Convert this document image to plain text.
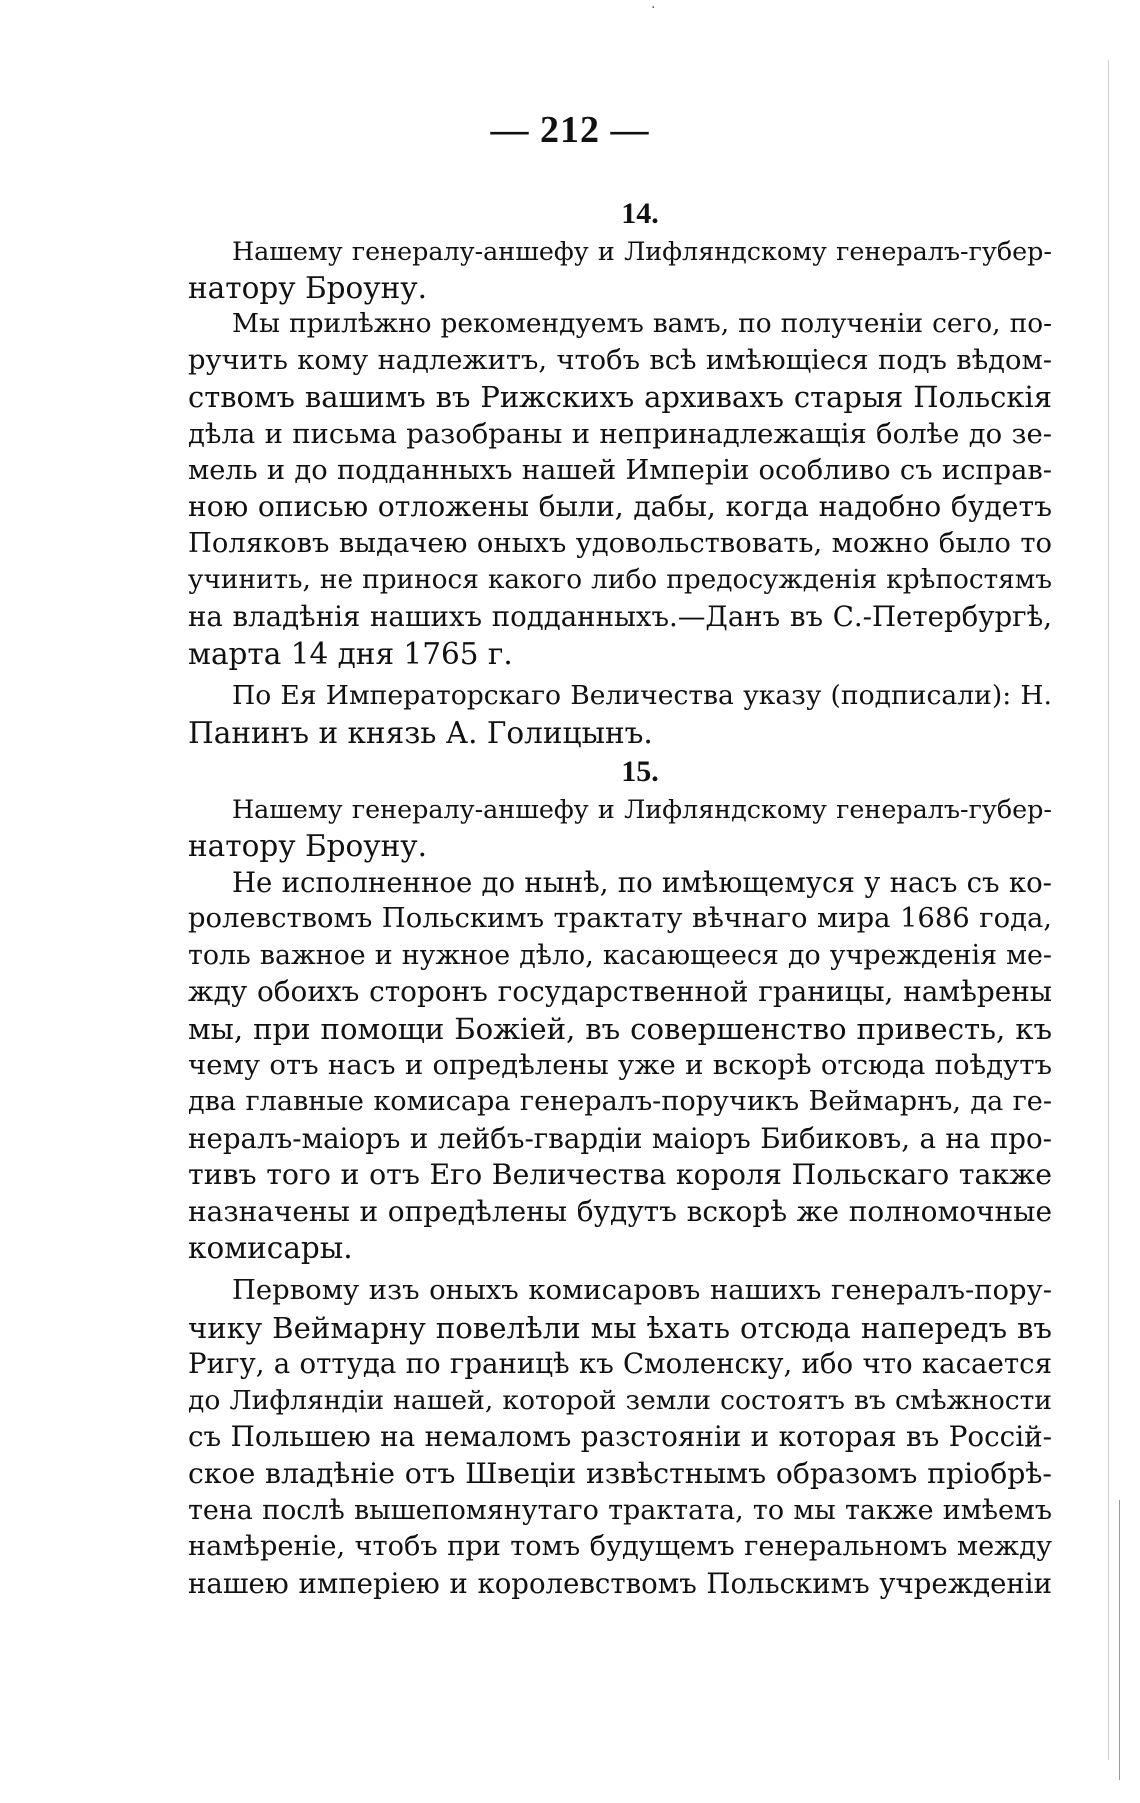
·
— 212 —
14.
Нашему генералу-аншефу и Лифляндскому генералъ-губер-
натору Броуну.
Мы прилѣжно рекомендуемъ вамъ, по полученіи сего, по-
ручить кому надлежитъ, чтобъ всѣ имѣющіеся подъ вѣдом-
ствомъ вашимъ въ Рижскихъ архивахъ старыя Польскія
дѣла и письма разобраны и непринадлежащія болѣе до зе-
мель и до подданныхъ нашей Имперіи особливо съ исправ-
ною описью отложены были, дабы, когда надобно будетъ
Поляковъ выдачею оныхъ удовольствовать, можно было то
учинить, не принося какого либо предосужденія крѣпостямъ
на владѣнія нашихъ подданныхъ.—Данъ въ С.-Петербургѣ,
марта 14 дня 1765 г.
По Ея Императорскаго Величества указу (подписали): Н.
Панинъ и князь А. Голицынъ.
15.
Нашему генералу-аншефу и Лифляндскому генералъ-губер-
натору Броуну.
Не исполненное до нынѣ, по имѣющемуся у насъ съ ко-
ролевствомъ Польскимъ трактату вѣчнаго мира 1686 года,
толь важное и нужное дѣло, касающееся до учрежденія ме-
жду обоихъ сторонъ государственной границы, намѣрены
мы, при помощи Божіей, въ совершенство привесть, къ
чему отъ насъ и опредѣлены уже и вскорѣ отсюда поѣдутъ
два главные комисара генералъ-поручикъ Веймарнъ, да ге-
нералъ-маіоръ и лейбъ-гвардіи маіоръ Бибиковъ, а на про-
тивъ того и отъ Его Величества короля Польскаго также
назначены и опредѣлены будутъ вскорѣ же полномочные
комисары.
Первому изъ оныхъ комисаровъ нашихъ генералъ-пору-
чику Веймарну повелѣли мы ѣхать отсюда напередъ въ
Ригу, а оттуда по границѣ къ Смоленску, ибо что касается
до Лифляндіи нашей, которой земли состоятъ въ смѣжности
съ Польшею на немаломъ разстояніи и которая въ Россій-
ское владѣніе отъ Швеціи извѣстнымъ образомъ пріобрѣ-
тена послѣ вышепомянутаго трактата, то мы также имѣемъ
намѣреніе, чтобъ при томъ будущемъ генеральномъ между
нашею имперіею и королевствомъ Польскимъ учрежденіи
